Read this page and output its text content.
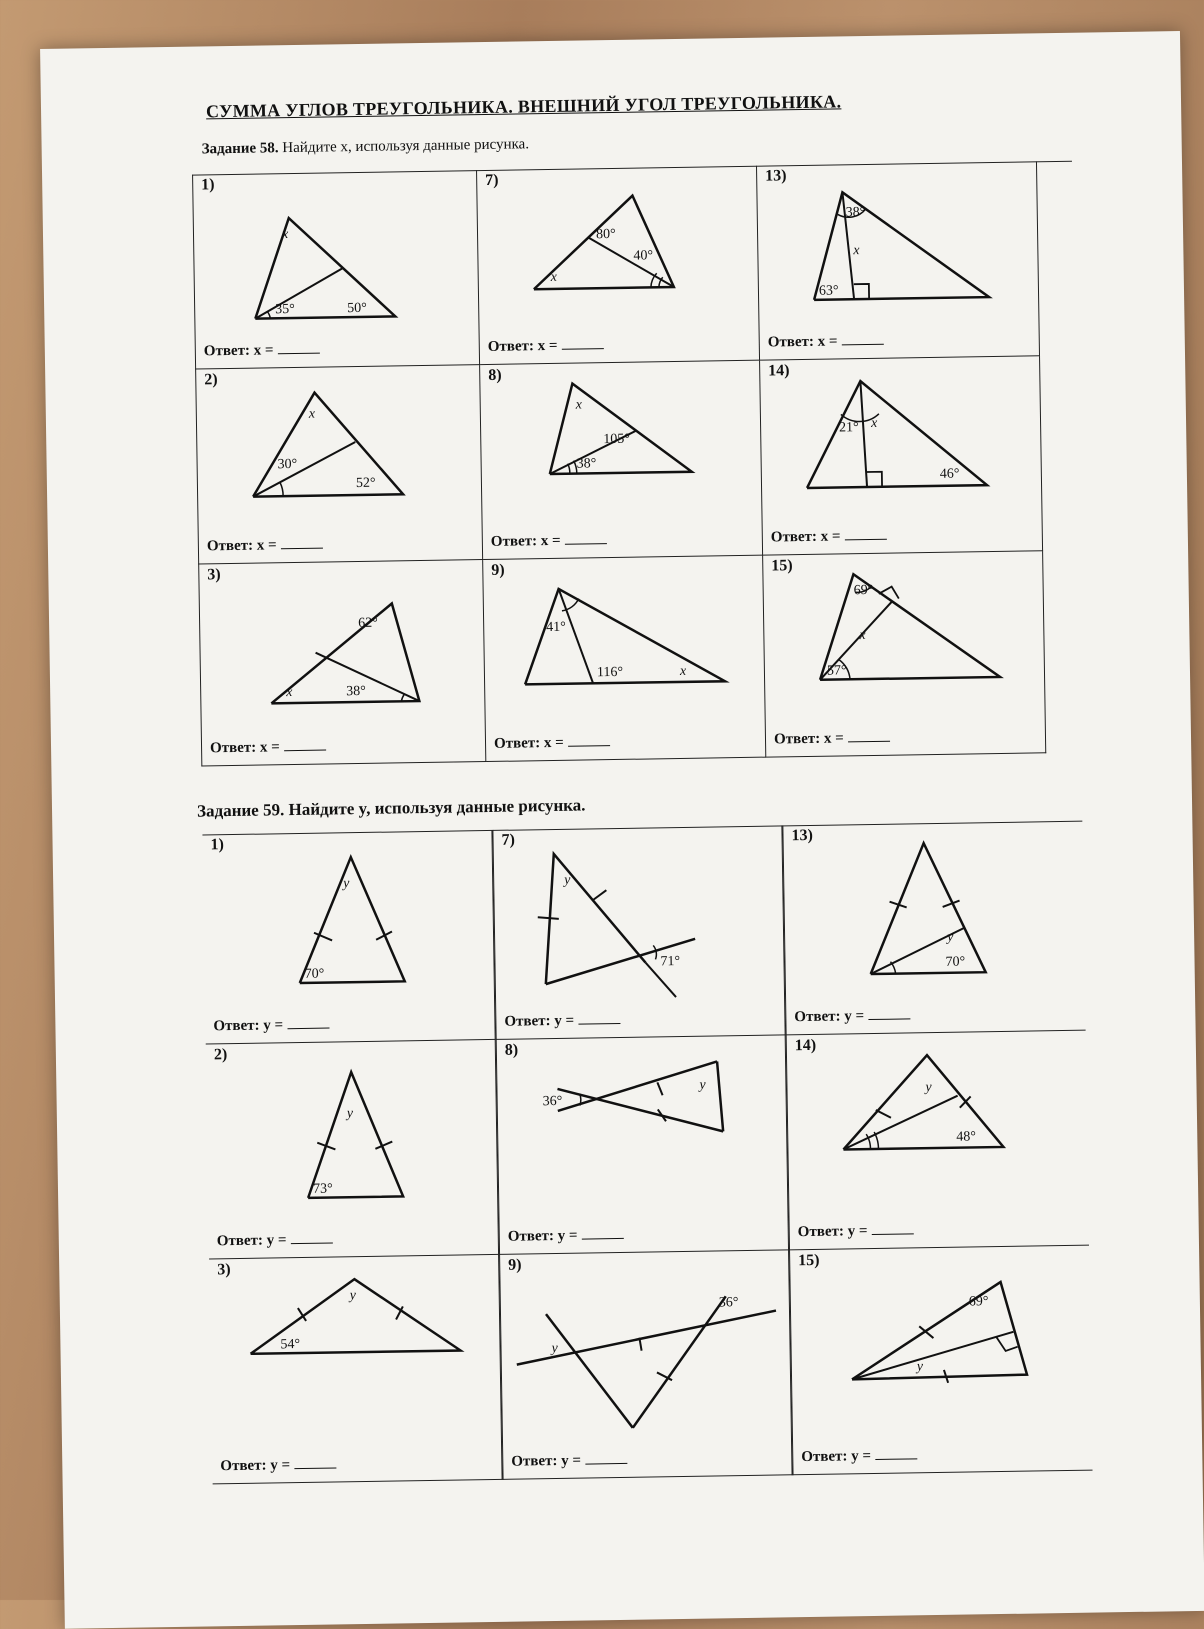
СУММА УГЛОВ ТРЕУГОЛЬНИКА. ВНЕШНИЙ УГОЛ ТРЕУГОЛЬНИКА.
Задание 58. Найдите x, используя данные рисунка.
1)
x
35°	50°
Ответ: x =
2)
x
30°
52°
Ответ: x =
3)
62°
x	38°
Ответ: x =
7)
80°
40°
x
Ответ: x =
8)
x
105°
38°
Ответ: x =
9)
41°
116°	x
Ответ: x =
13)
38°
x
63°
Ответ: x =
14)
21° x
46°
Ответ: x =
15)
69°
x
57°
Ответ: x =
Задание 59. Найдите y, используя данные рисунка.
1)
y
70°
Ответ: y =
2)
y
73°
Ответ: y =
3)
y
54°
Ответ: y =
7)
y
71°
Ответ: y =
8)
36°
y
Ответ: y =
9)
y
36°
Ответ: y =
13)
y
70°
Ответ: y =
14)
y
48°
Ответ: y =
15)
69°
y
Ответ: y =
